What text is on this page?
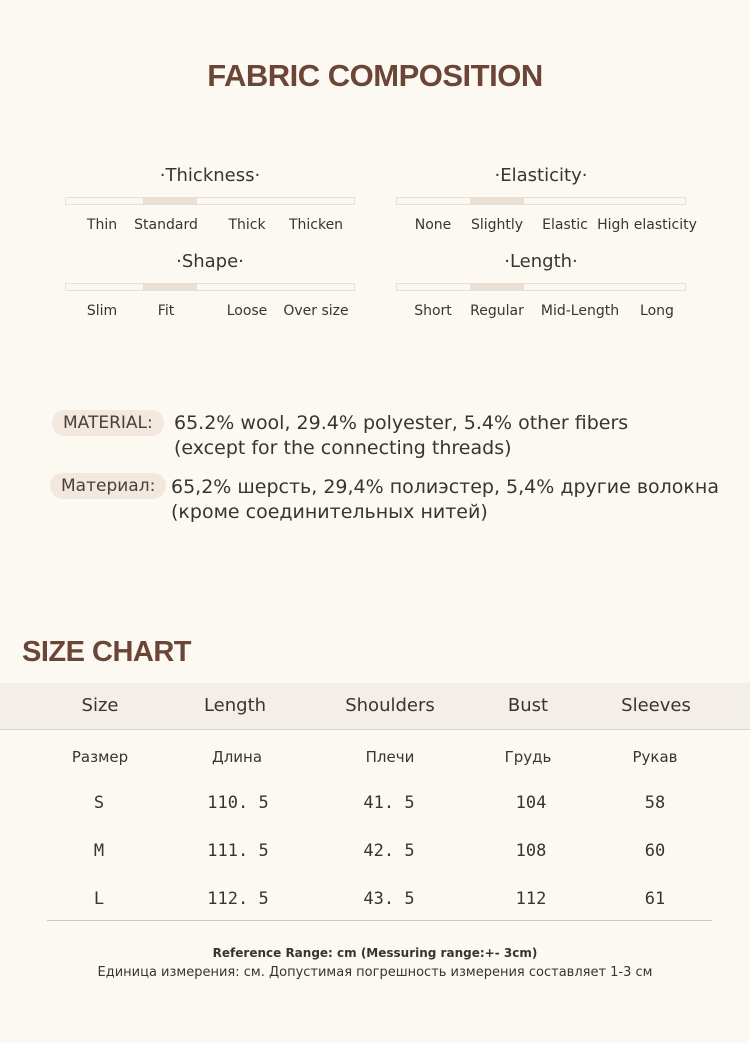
FABRIC COMPOSITION
·Thickness·
Thin Standard Thick Thicken
·Elasticity·
None Slightly Elastic High elasticity
·Shape·
Slim	Fit	Loose Over size
·Length·
Short Regular Mid-Length Long
MATERIAL:	65.2% wool, 29.4% polyester, 5.4% other fibers
(except for the connecting threads)
Материал: 65,2% шерсть, 29,4% полиэстер, 5,4% другие волокна
(кроме соединительных нитей)
SIZE CHART
Size	Length	Shoulders	Bust	Sleeves
Размер	Длина	Плечи	Грудь	Рукав
S	110. 5	41. 5	104	58
M	111. 5	42. 5	108	60
L	112. 5	43. 5	112	61
Reference Range: cm (Messuring range:+- 3cm)
Единица измерения: см. Допустимая погрешность измерения составляет 1-3 см
